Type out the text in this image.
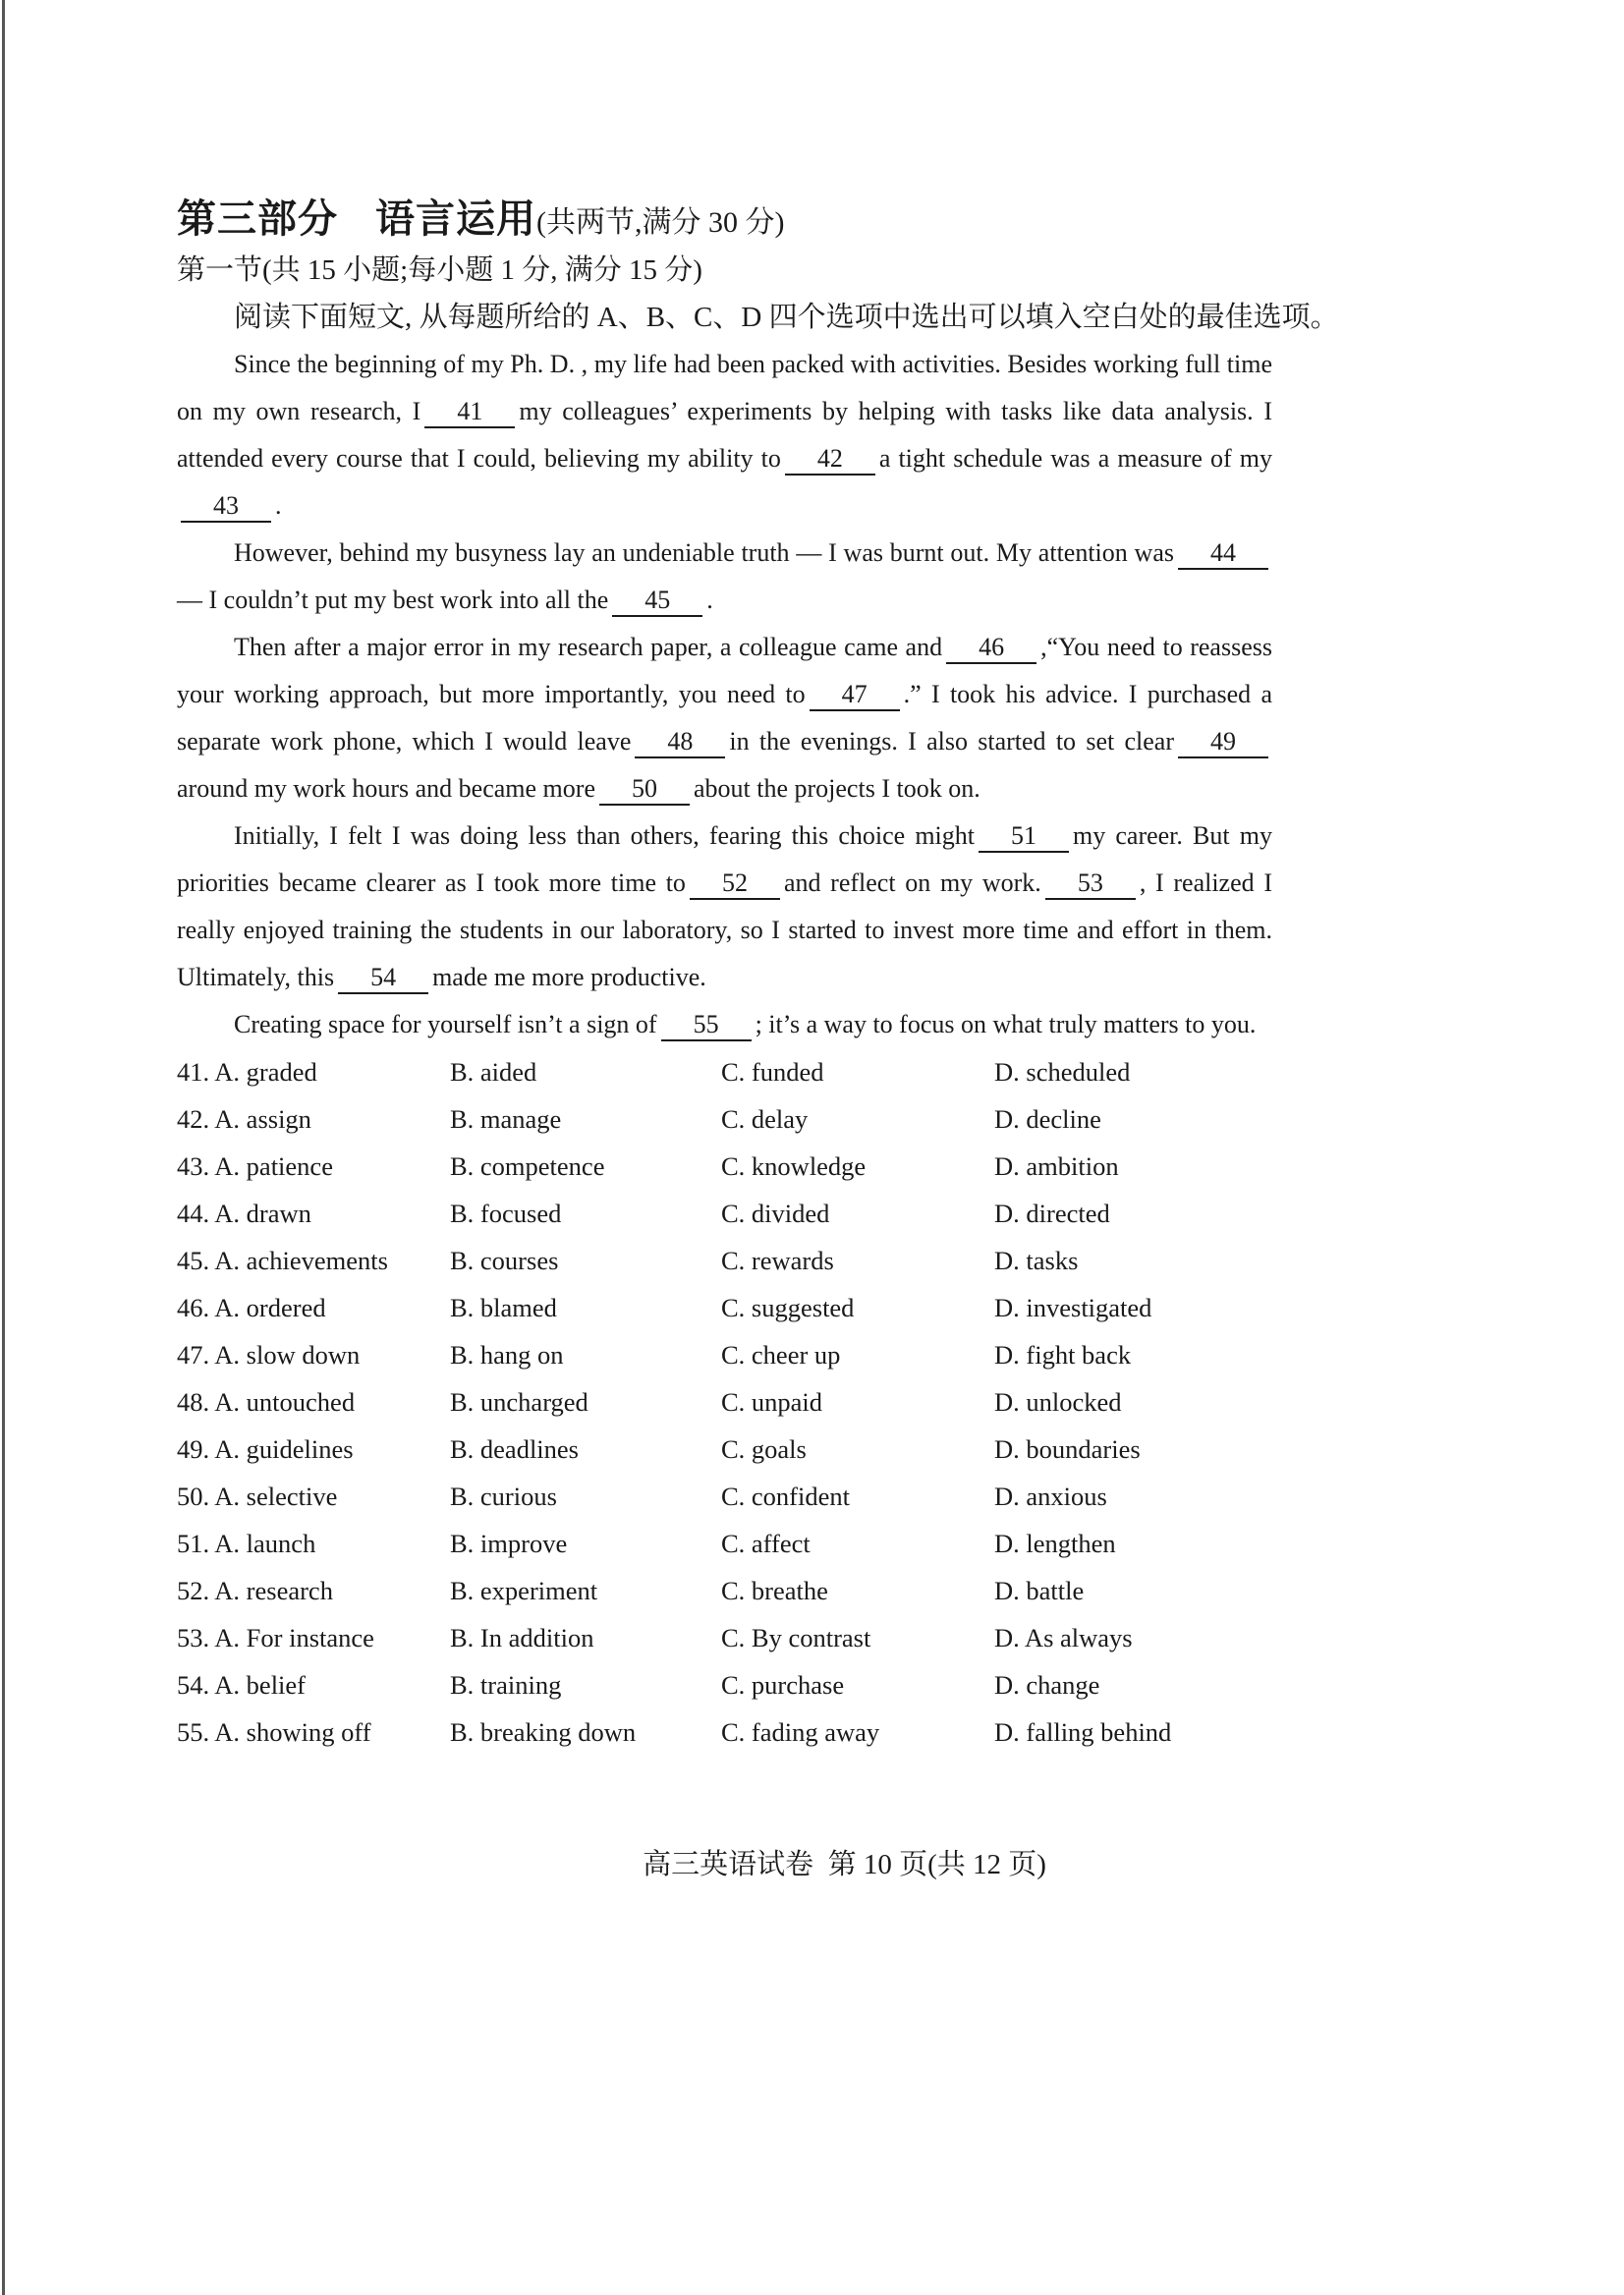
第三部分 语言运用(共两节,满分 30 分)
第一节(共 15 小题;每小题 1 分, 满分 15 分)
阅读下面短文, 从每题所给的 A、B、C、D 四个选项中选出可以填入空白处的最佳选项。

Since the beginning of my Ph. D. , my life had been packed with activities. Besides working full time on my own research, I 41 my colleagues’ experiments by helping with tasks like data analysis. I attended every course that I could, believing my ability to 42 a tight schedule was a measure of my43 .

However, behind my busyness lay an undeniable truth — I was burnt out. My attention was 44— I couldn’t put my best work into all the 45 .

Then after a major error in my research paper, a colleague came and 46 ,“You need to reassess your working approach, but more importantly, you need to 47 .” I took his advice. I purchased a separate work phone, which I would leave 48 in the evenings. I also started to set clear 49around my work hours and became more 50 about the projects I took on.

Initially, I felt I was doing less than others, fearing this choice might 51 my career. But my priorities became clearer as I took more time to 52 and reflect on my work. 53 , I realized I really enjoyed training the students in our laboratory, so I started to invest more time and effort in them. Ultimately, this 54 made me more productive.

Creating space for yourself isn’t a sign of 55 ; it’s a way to focus on what truly matters to you.

41. A. graded	B. aided	C. funded	D. scheduled
42. A. assign	B. manage	C. delay	D. decline
43. A. patience	B. competence	C. knowledge	D. ambition
44. A. drawn	B. focused	C. divided	D. directed
45. A. achievements	B. courses	C. rewards	D. tasks
46. A. ordered	B. blamed	C. suggested	D. investigated
47. A. slow down	B. hang on	C. cheer up	D. fight back
48. A. untouched	B. uncharged	C. unpaid	D. unlocked
49. A. guidelines	B. deadlines	C. goals	D. boundaries
50. A. selective	B. curious	C. confident	D. anxious
51. A. launch	B. improve	C. affect	D. lengthen
52. A. research	B. experiment	C. breathe	D. battle
53. A. For instance	B. In addition	C. By contrast	D. As always
54. A. belief	B. training	C. purchase	D. change
55. A. showing off	B. breaking down	C. fading away	D. falling behind
高三英语试卷 第 10 页(共 12 页)
